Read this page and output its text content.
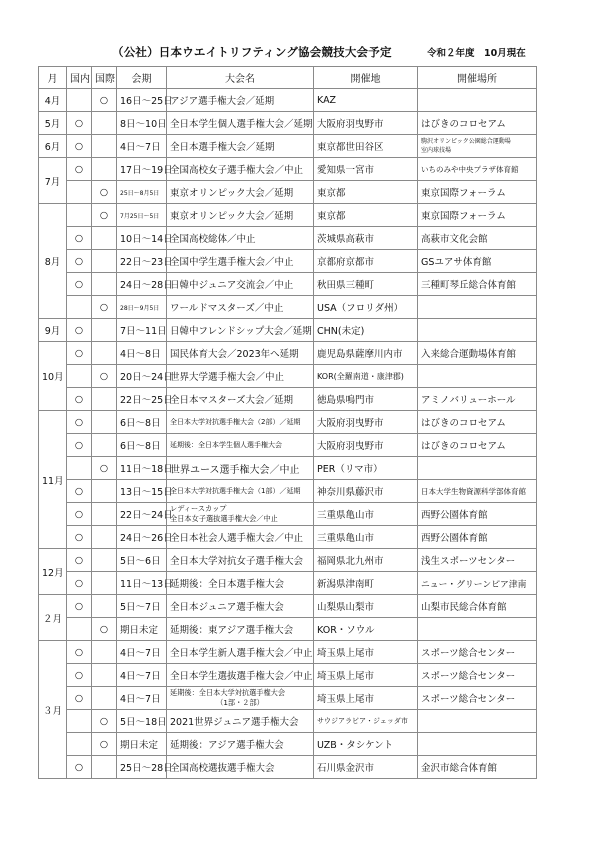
（公社）日本ウエイトリフティング協会競技大会予定	令和２年度　10月現在
月	国内	国際	会期	大会名	開催地	開催場所
4月		○	16日～25日	アジア選手権大会／延期	KAZ	
5月	○		8日～10日	全日本学生個人選手権大会／延期	大阪府羽曳野市	はびきのコロセアム
6月	○		4日～7日	全日本選手権大会／延期	東京都世田谷区	駒沢オリンピック公園総合運動場
室内球技場

7月	○		17日～19日	全国高校女子選手権大会／中止	愛知県一宮市	いちのみや中央プラザ体育館
		○	25日～8月5日	東京オリンピック大会／延期	東京都	東京国際フォーラム
8月		○	7月25日～5日	東京オリンピック大会／延期	東京都	東京国際フォーラム
	○		10日～14日	全国高校総体／中止	茨城県高萩市	高萩市文化会館
	○		22日～23日	全国中学生選手権大会／中止	京都府京都市	GSユアサ体育館
	○		24日～28日	日韓中ジュニア交流会／中止	秋田県三種町	三種町琴丘総合体育館
		○	28日～9月5日	ワールドマスターズ／中止	USA（フロリダ州）	
9月	○		7日～11日	日韓中フレンドシップ大会／延期	CHN(未定)	
10月	○		4日～8日	国民体育大会／2023年へ延期	鹿児島県薩摩川内市	入来総合運動場体育館
		○	20日～24日	世界大学選手権大会／中止	KOR(全羅南道・康津郡)	
	○		22日～25日	全日本マスターズ大会／延期	徳島県鳴門市	アミノバリューホール
11月	○		6日～8日	全日本大学対抗選手権大会（2部）／延期	大阪府羽曳野市	はびきのコロセアム
	○		6日～8日	延期後：全日本学生個人選手権大会	大阪府羽曳野市	はびきのコロセアム
		○	11日～18日	世界ユース選手権大会／中止	PER（リマ市）	
	○		13日～15日	全日本大学対抗選手権大会（1部）／延期	神奈川県藤沢市	日本大学生物資源科学部体育館
	○		22日～24日	レディースカップ
全日本女子選抜選手権大会／中止	三重県亀山市	西野公園体育館
	○		24日～26日	全日本社会人選手権大会／中止	三重県亀山市	西野公園体育館
12月	○		5日～6日	全日本大学対抗女子選手権大会	福岡県北九州市	浅生スポーツセンター
	○		11日～13日	延期後：全日本選手権大会	新潟県津南町	ニュー・グリーンピア津南
２月	○		5日～7日	全日本ジュニア選手権大会	山梨県山梨市	山梨市民総合体育館
		○	期日未定	延期後：東アジア選手権大会	KOR・ソウル	
３月	○		4日～7日	全日本学生新人選手権大会／中止	埼玉県上尾市	スポーツ総合センター
	○		4日～7日	全日本学生選抜選手権大会／中止	埼玉県上尾市	スポーツ総合センター
	○		4日～7日	延期後：全日本大学対抗選手権大会
（1部・２部）	埼玉県上尾市	スポーツ総合センター
		○	5日～18日	2021世界ジュニア選手権大会	サウジアラビア・ジェッダ市	
		○	期日未定	延期後：アジア選手権大会	UZB・タシケント	
	○		25日～28日	全国高校選抜選手権大会	石川県金沢市	金沢市総合体育館
